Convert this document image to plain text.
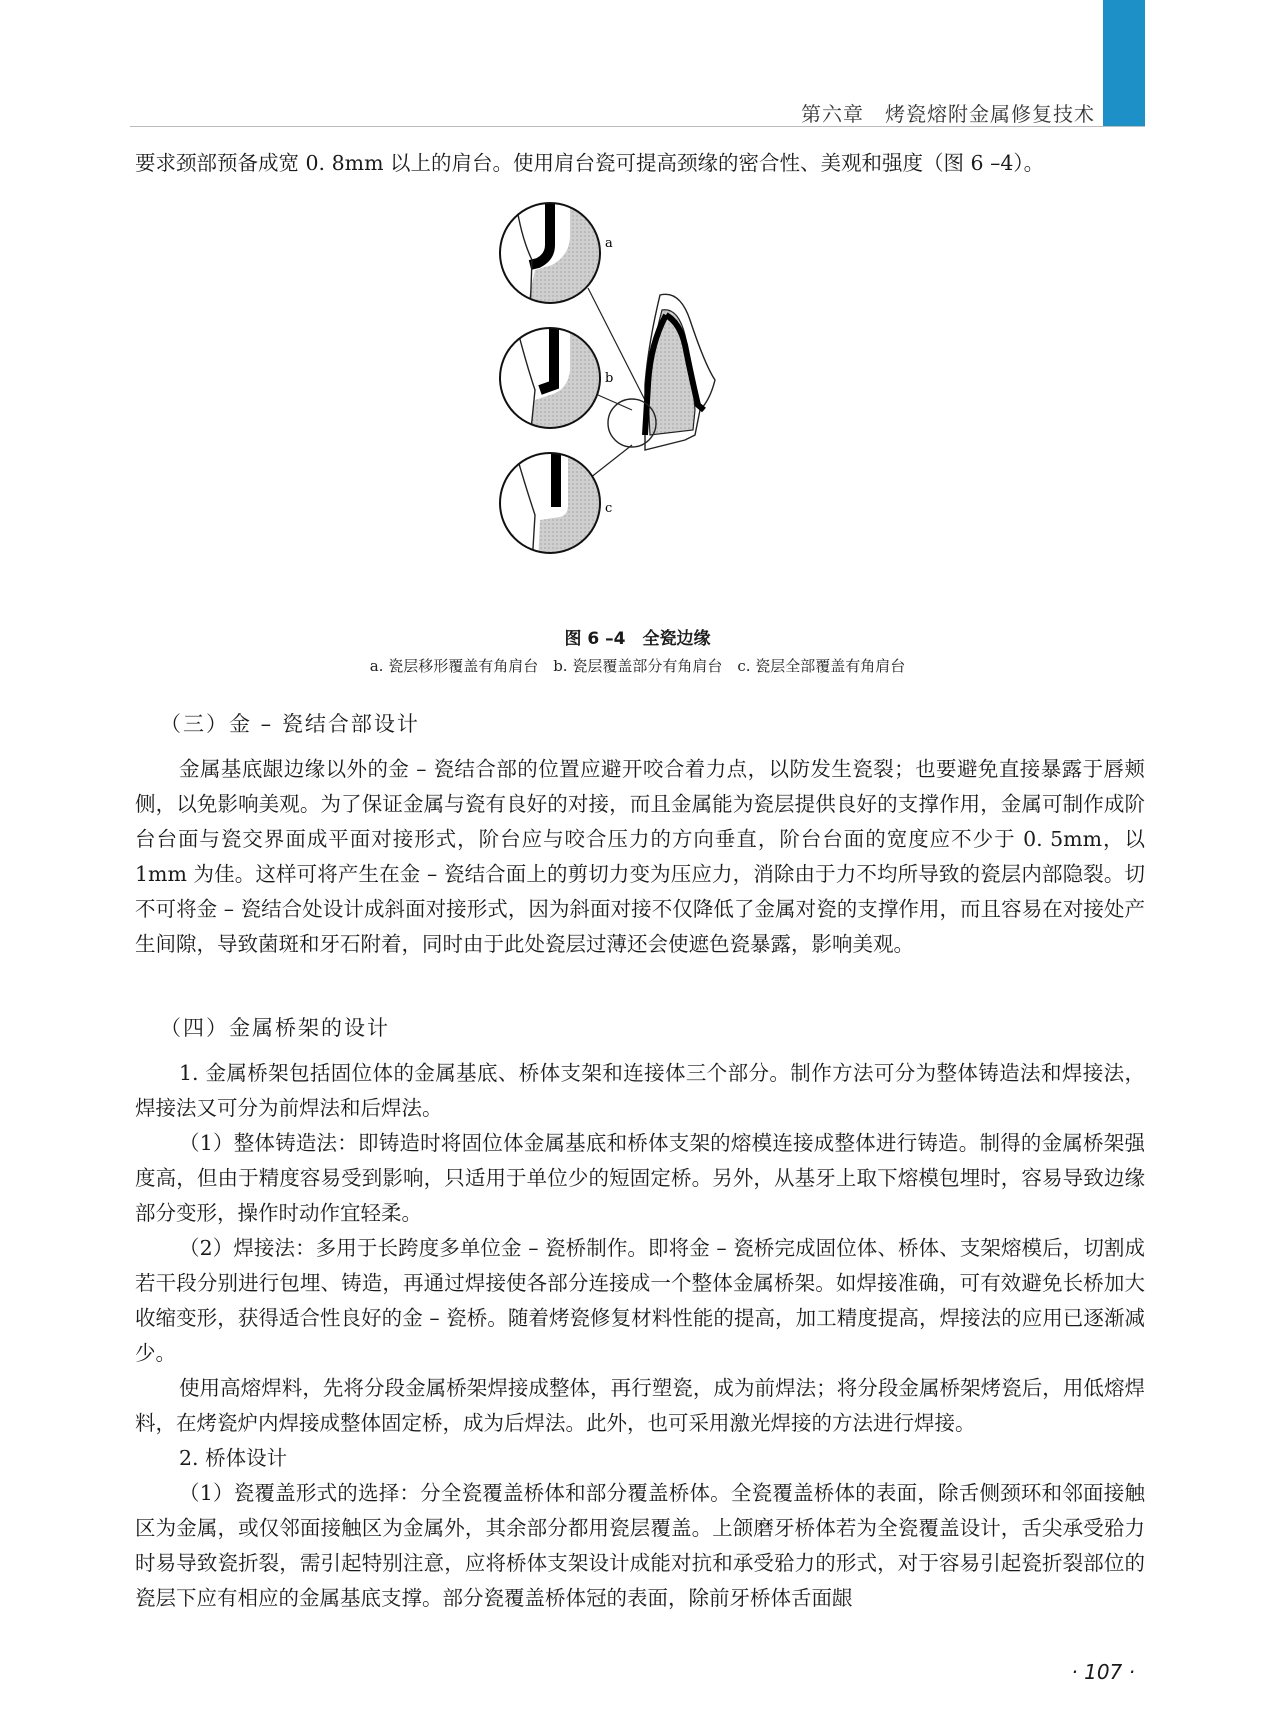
第六章　烤瓷熔附金属修复技术
要求颈部预备成宽 0. 8mm 以上的肩台。使用肩台瓷可提高颈缘的密合性、美观和强度（图 6 –4）。
a
b
c
图 6 –4　全瓷边缘
a. 瓷层移形覆盖有角肩台　b. 瓷层覆盖部分有角肩台　c. 瓷层全部覆盖有角肩台
（三）金 – 瓷结合部设计
金属基底龈边缘以外的金 – 瓷结合部的位置应避开咬合着力点，以防发生瓷裂；也要避免直接暴露于唇颊侧，以免影响美观。为了保证金属与瓷有良好的对接，而且金属能为瓷层提供良好的支撑作用，金属可制作成阶台台面与瓷交界面成平面对接形式，阶台应与咬合压力的方向垂直，阶台台面的宽度应不少于 0. 5mm，以 1mm 为佳。这样可将产生在金 – 瓷结合面上的剪切力变为压应力，消除由于力不均所导致的瓷层内部隐裂。切不可将金 – 瓷结合处设计成斜面对接形式，因为斜面对接不仅降低了金属对瓷的支撑作用，而且容易在对接处产生间隙，导致菌斑和牙石附着，同时由于此处瓷层过薄还会使遮色瓷暴露，影响美观。
（四）金属桥架的设计
1. 金属桥架包括固位体的金属基底、桥体支架和连接体三个部分。制作方法可分为整体铸造法和焊接法，焊接法又可分为前焊法和后焊法。
（1）整体铸造法：即铸造时将固位体金属基底和桥体支架的熔模连接成整体进行铸造。制得的金属桥架强度高，但由于精度容易受到影响，只适用于单位少的短固定桥。另外，从基牙上取下熔模包埋时，容易导致边缘部分变形，操作时动作宜轻柔。
（2）焊接法：多用于长跨度多单位金 – 瓷桥制作。即将金 – 瓷桥完成固位体、桥体、支架熔模后，切割成若干段分别进行包埋、铸造，再通过焊接使各部分连接成一个整体金属桥架。如焊接准确，可有效避免长桥加大收缩变形，获得适合性良好的金 – 瓷桥。随着烤瓷修复材料性能的提高，加工精度提高，焊接法的应用已逐渐减少。
使用高熔焊料，先将分段金属桥架焊接成整体，再行塑瓷，成为前焊法；将分段金属桥架烤瓷后，用低熔焊料，在烤瓷炉内焊接成整体固定桥，成为后焊法。此外，也可采用激光焊接的方法进行焊接。
2. 桥体设计
（1）瓷覆盖形式的选择：分全瓷覆盖桥体和部分覆盖桥体。全瓷覆盖桥体的表面，除舌侧颈环和邻面接触区为金属，或仅邻面接触区为金属外，其余部分都用瓷层覆盖。上颌磨牙桥体若为全瓷覆盖设计，舌尖承受𬌗力时易导致瓷折裂，需引起特别注意，应将桥体支架设计成能对抗和承受𬌗力的形式，对于容易引起瓷折裂部位的瓷层下应有相应的金属基底支撑。部分瓷覆盖桥体冠的表面，除前牙桥体舌面龈
· 107 ·
